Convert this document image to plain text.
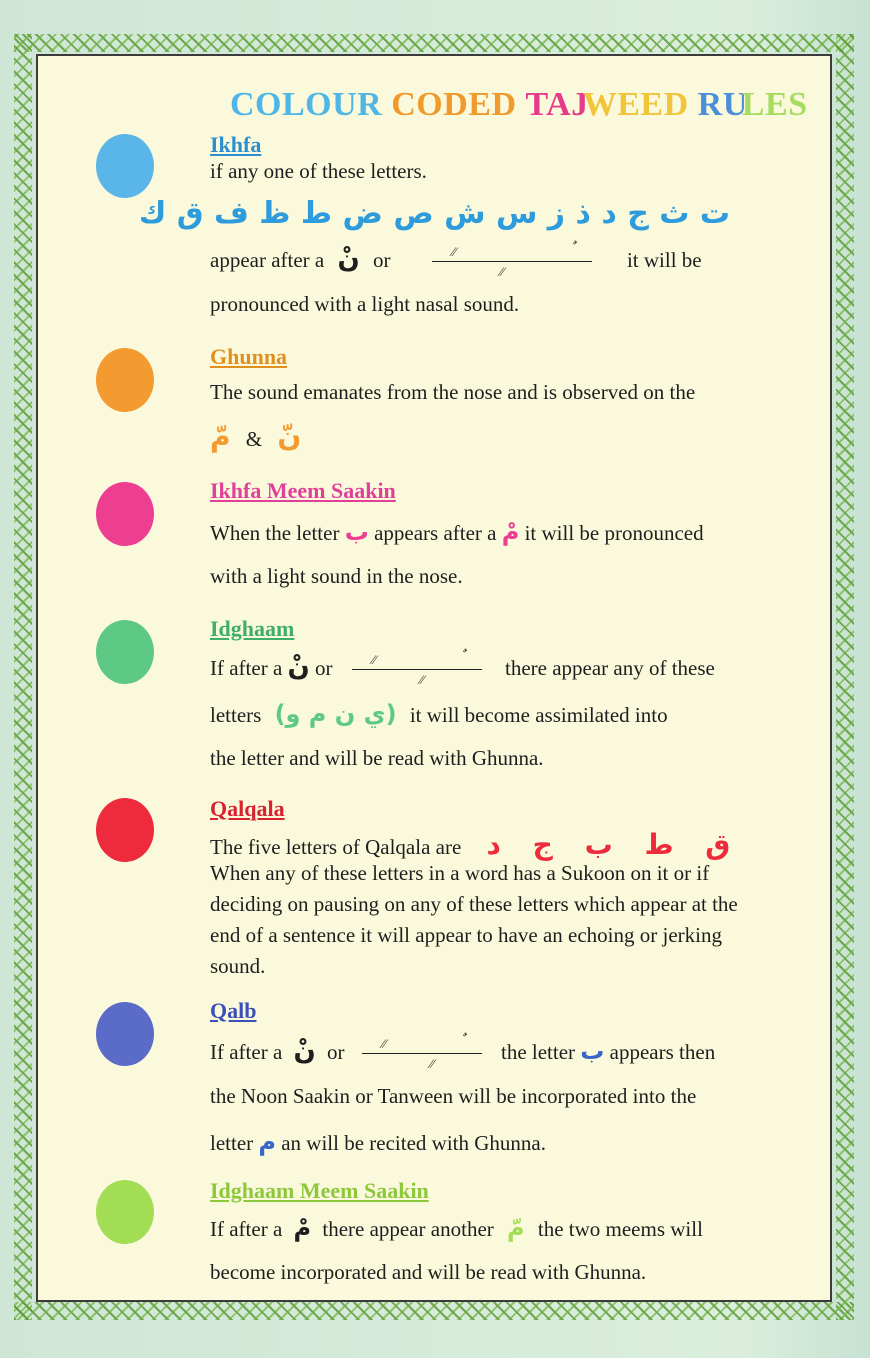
COLOUR CODED TAJWEED RULES
Ikhfa
if any one of these letters.
ت ث ج د ذ ز س ش ص ض ط ظ ف ق ك
appear after a نْ or	∕∕
∕∕	it will be
pronounced with a light nasal sound.
Ghunna
The sound emanates from the nose and is observed on the
نّ & مّ
Ikhfa Meem Saakin
When the letter ب appears after a مْ it will be pronounced
with a light sound in the nose.
Idghaam
If after a نْ or	∕∕
∕∕	there appear any of these
letters (ي ن م و) it will become assimilated into
the letter and will be read with Ghunna.
Qalqala
The five letters of Qalqala are ق ط ب ج د
When any of these letters in a word has a Sukoon on it or if deciding on pausing on any of these letters which appear at the end of a sentence it will appear to have an echoing or jerking sound.
Qalb
If after a نْ or	∕∕
∕∕	the letter ب appears then
the Noon Saakin or Tanween will be incorporated into the
letter م an will be recited with Ghunna.
Idghaam Meem Saakin
If after a مْ there appear another مّ the two meems will
become incorporated and will be read with Ghunna.
